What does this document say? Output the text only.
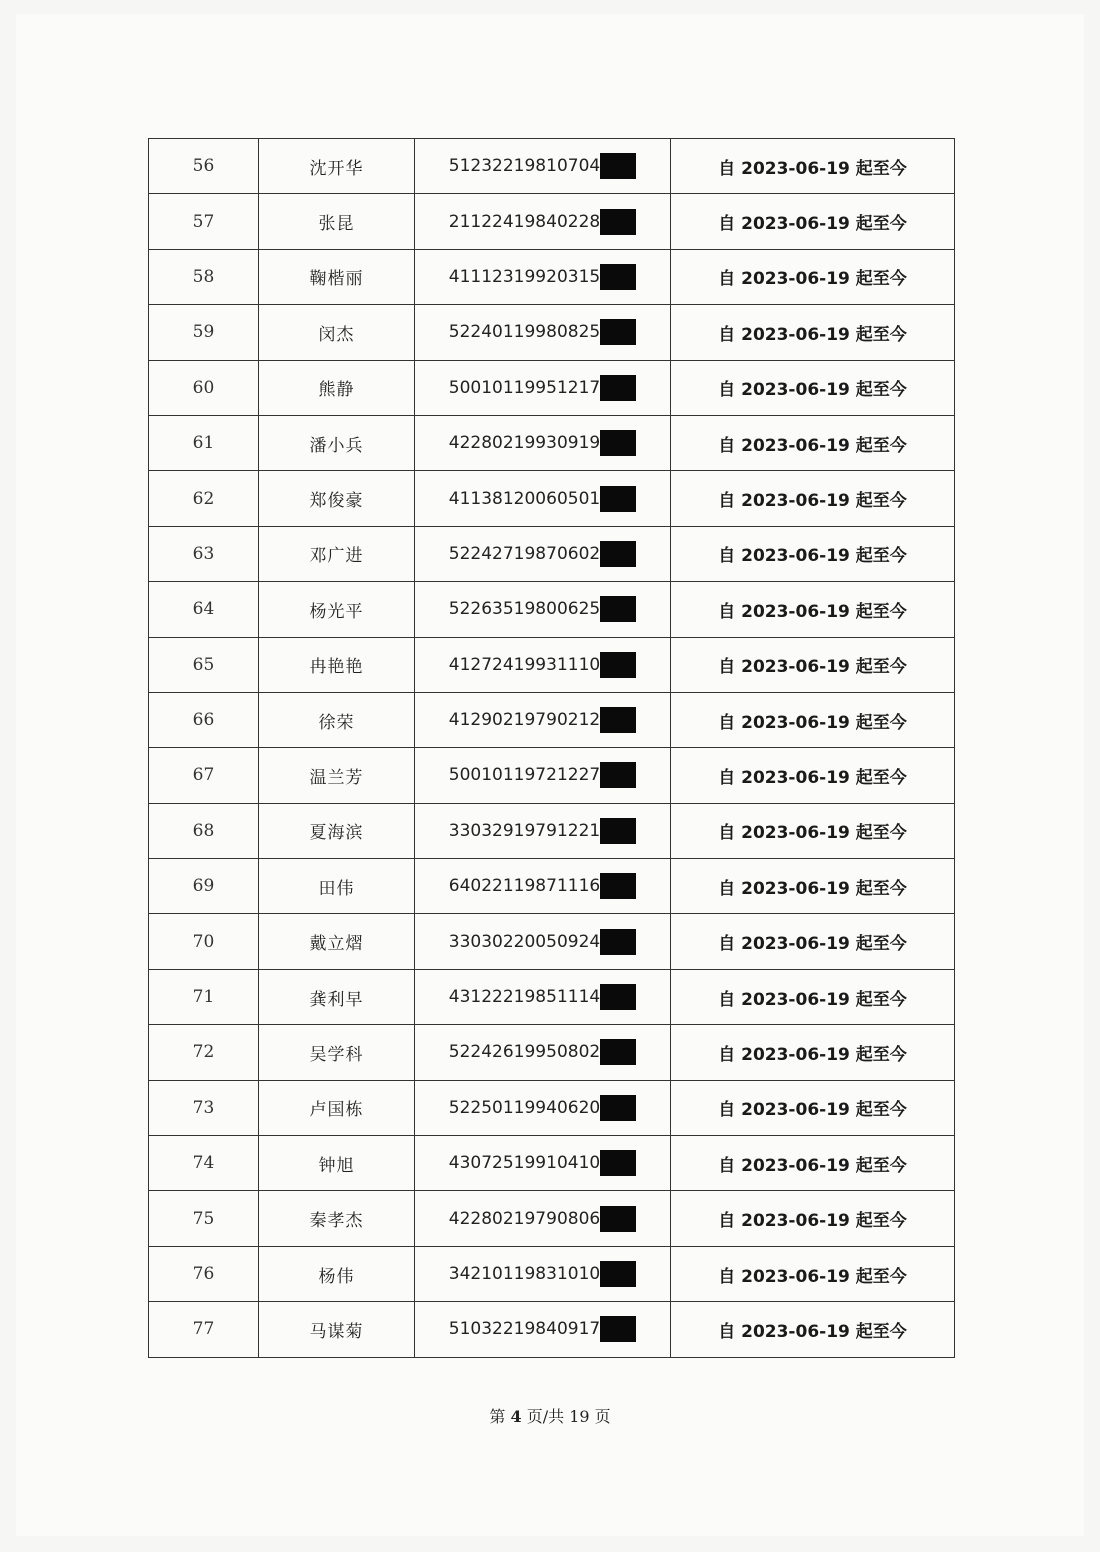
56	沈开华	51232219810704	自 2023-06-19 起至今
57	张昆	21122419840228	自 2023-06-19 起至今
58	鞠楷丽	41112319920315	自 2023-06-19 起至今
59	闵杰	52240119980825	自 2023-06-19 起至今
60	熊静	50010119951217	自 2023-06-19 起至今
61	潘小兵	42280219930919	自 2023-06-19 起至今
62	郑俊豪	41138120060501	自 2023-06-19 起至今
63	邓广进	52242719870602	自 2023-06-19 起至今
64	杨光平	52263519800625	自 2023-06-19 起至今
65	冉艳艳	41272419931110	自 2023-06-19 起至今
66	徐荣	41290219790212	自 2023-06-19 起至今
67	温兰芳	50010119721227	自 2023-06-19 起至今
68	夏海滨	33032919791221	自 2023-06-19 起至今
69	田伟	64022119871116	自 2023-06-19 起至今
70	戴立熠	33030220050924	自 2023-06-19 起至今
71	龚利早	43122219851114	自 2023-06-19 起至今
72	吴学科	52242619950802	自 2023-06-19 起至今
73	卢国栋	52250119940620	自 2023-06-19 起至今
74	钟旭	43072519910410	自 2023-06-19 起至今
75	秦孝杰	42280219790806	自 2023-06-19 起至今
76	杨伟	34210119831010	自 2023-06-19 起至今
77	马谋菊	51032219840917	自 2023-06-19 起至今
第 4 页/共 19 页
